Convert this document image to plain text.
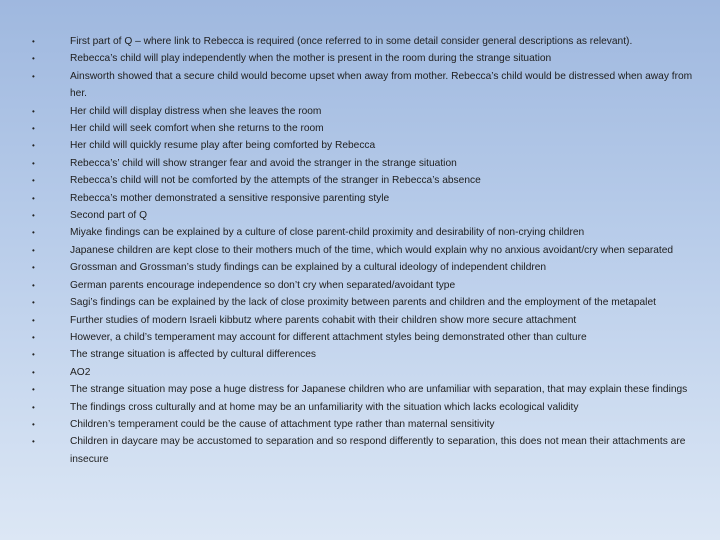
•	First part of Q – where link to Rebecca is required (once referred to in some detail consider general descriptions as relevant).
•	Rebecca’s child will play independently when the mother is present in the room during the strange situation
•	Ainsworth showed that a secure child would become upset when away from mother. Rebecca’s child would be distressed when away from her.
•	Her child will display distress when she leaves the room
•	Her child will seek comfort when she returns to the room
•	Her child will quickly resume play after being comforted by Rebecca
•	Rebecca’s’ child will show stranger fear and avoid the stranger in the strange situation
•	Rebecca’s child will not be comforted by the attempts of the stranger in Rebecca’s absence
•	Rebecca’s mother demonstrated a sensitive responsive parenting style
•	Second part of Q
•	Miyake findings can be explained by a culture of close parent-child proximity and desirability of non-crying children
•	Japanese children are kept close to their mothers much of the time, which would explain why no anxious avoidant/cry when separated
•	Grossman and Grossman’s study findings can be explained by a cultural ideology of independent children
•	German parents encourage independence so don’t cry when separated/avoidant type
•	Sagi’s findings can be explained by the lack of close proximity between parents and children and the employment of the metapalet
•	Further studies of modern Israeli kibbutz where parents cohabit with their children show more secure attachment
•	However, a child’s temperament may account for different attachment styles being demonstrated other than culture
•	The strange situation is affected by cultural differences
•	AO2
•	The strange situation may pose a huge distress for Japanese children who are unfamiliar with separation, that may explain these findings
•	The findings cross culturally and at home may be an unfamiliarity with the situation which lacks ecological validity
•	Children’s temperament could be the cause of attachment type rather than maternal sensitivity
•	Children in daycare may be accustomed to separation and so respond differently to separation, this does not mean their attachments are insecure
